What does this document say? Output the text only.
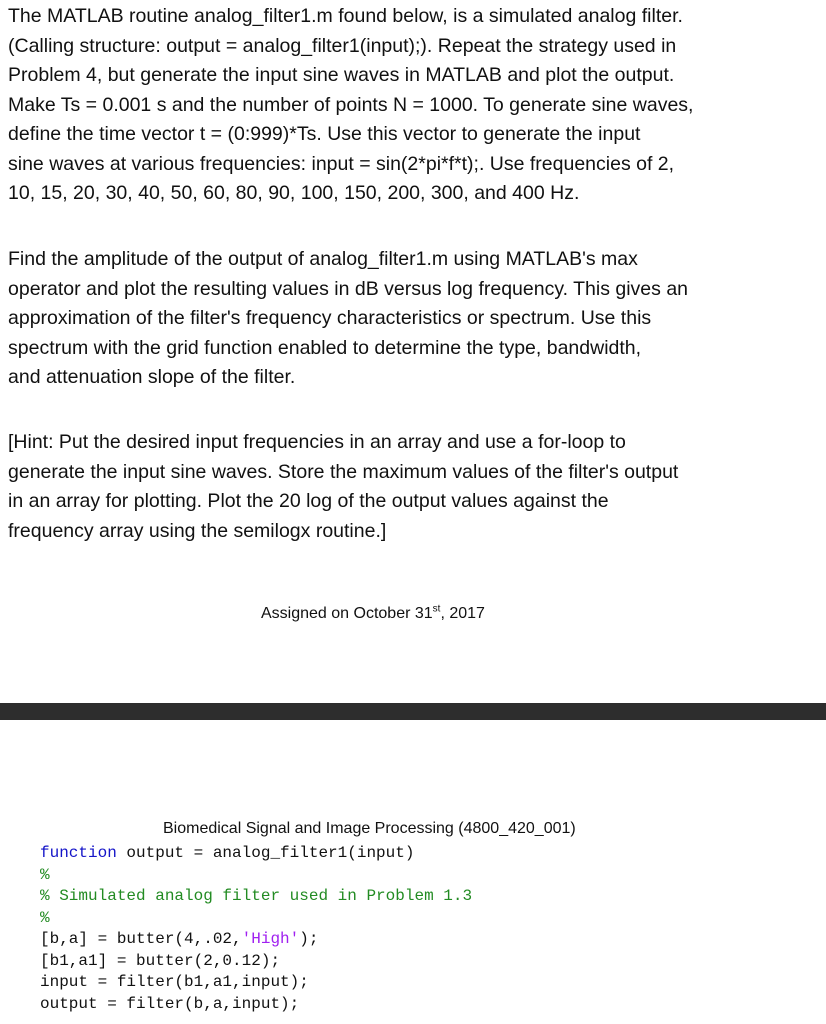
The MATLAB routine analog_filter1.m found below, is a simulated analog filter.
(Calling structure: output = analog_filter1(input);). Repeat the strategy used in
Problem 4, but generate the input sine waves in MATLAB and plot the output.
Make Ts = 0.001 s and the number of points N = 1000. To generate sine waves,
define the time vector t = (0:999)*Ts. Use this vector to generate the input
sine waves at various frequencies: input = sin(2*pi*f*t);. Use frequencies of 2,
10, 15, 20, 30, 40, 50, 60, 80, 90, 100, 150, 200, 300, and 400 Hz.

Find the amplitude of the output of analog_filter1.m using MATLAB's max
operator and plot the resulting values in dB versus log frequency. This gives an
approximation of the filter's frequency characteristics or spectrum. Use this
spectrum with the grid function enabled to determine the type, bandwidth,
and attenuation slope of the filter.

[Hint: Put the desired input frequencies in an array and use a for-loop to
generate the input sine waves. Store the maximum values of the filter's output
in an array for plotting. Plot the 20 log of the output values against the
frequency array using the semilogx routine.]

Assigned on October 31st, 2017
Biomedical Signal and Image Processing (4800_420_001)
function output = analog_filter1(input)
%
% Simulated analog filter used in Problem 1.3
%
[b,a] = butter(4,.02,'High');
[b1,a1] = butter(2,0.12);
input = filter(b1,a1,input);
output = filter(b,a,input);
